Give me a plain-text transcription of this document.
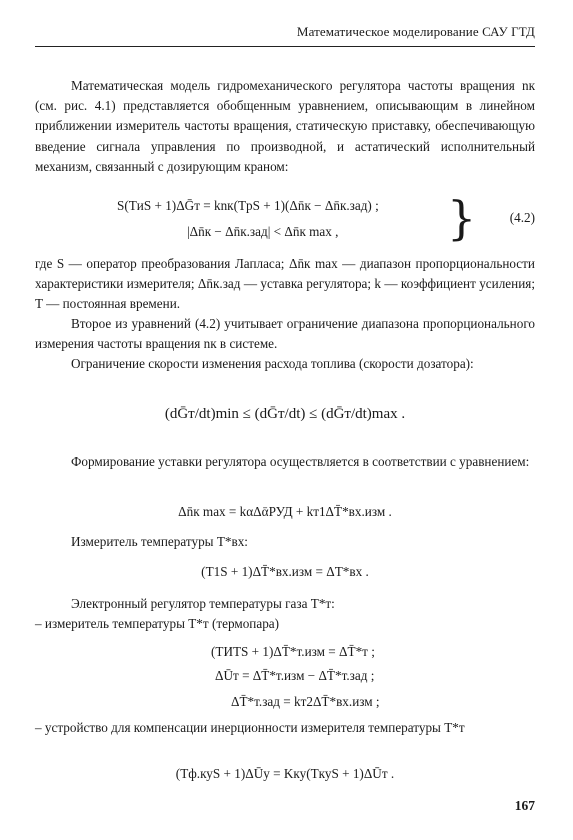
Математическое моделирование САУ ГТД

Математическая модель гидромеханического регулятора частоты вращения nк (см. рис. 4.1) представляется обобщенным уравнением, описывающим в линейном приближении измеритель частоты вращения, статическую приставку, обеспечивающую введение сигнала управления по производной, и астатический исполнительный механизм, связанный с дозирующим краном:

S(TиS + 1)ΔḠт = knк(TрS + 1)(Δn̄к − Δn̄к.зад) ;
|Δn̄к − Δn̄к.зад| < Δn̄к max , }	(4.2)

где S — оператор преобразования Лапласа; Δn̄к max — диапазон пропорциональности характеристики измерителя; Δn̄к.зад — уставка регулятора; k — коэффициент усиления; T — постоянная времени.

Второе из уравнений (4.2) учитывает ограничение диапазона пропорционального измерения частоты вращения nк в системе.

Ограничение скорости изменения расхода топлива (скорости дозатора):

(dḠт/dt)min ≤ (dḠт/dt) ≤ (dḠт/dt)max .

Формирование уставки регулятора осуществляется в соответствии с уравнением:

Δn̄к max = kαΔᾱРУД + kт1ΔT̄*вх.изм .

Измеритель температуры T*вх:

(T1S + 1)ΔT̄*вх.изм = ΔT*вх .

Электронный регулятор температуры газа T*т:

– измеритель температуры T*т (термопара)
(TИТS + 1)ΔT̄*т.изм = ΔT̄*т ;
ΔŪт = ΔT̄*т.изм − ΔT̄*т.зад ;
ΔT̄*т.зад = kт2ΔT̄*вх.изм ;

– устройство для компенсации инерционности измерителя температуры T*т

(Tф.куS + 1)ΔŪу = Kку(TкуS + 1)ΔŪт .
167
